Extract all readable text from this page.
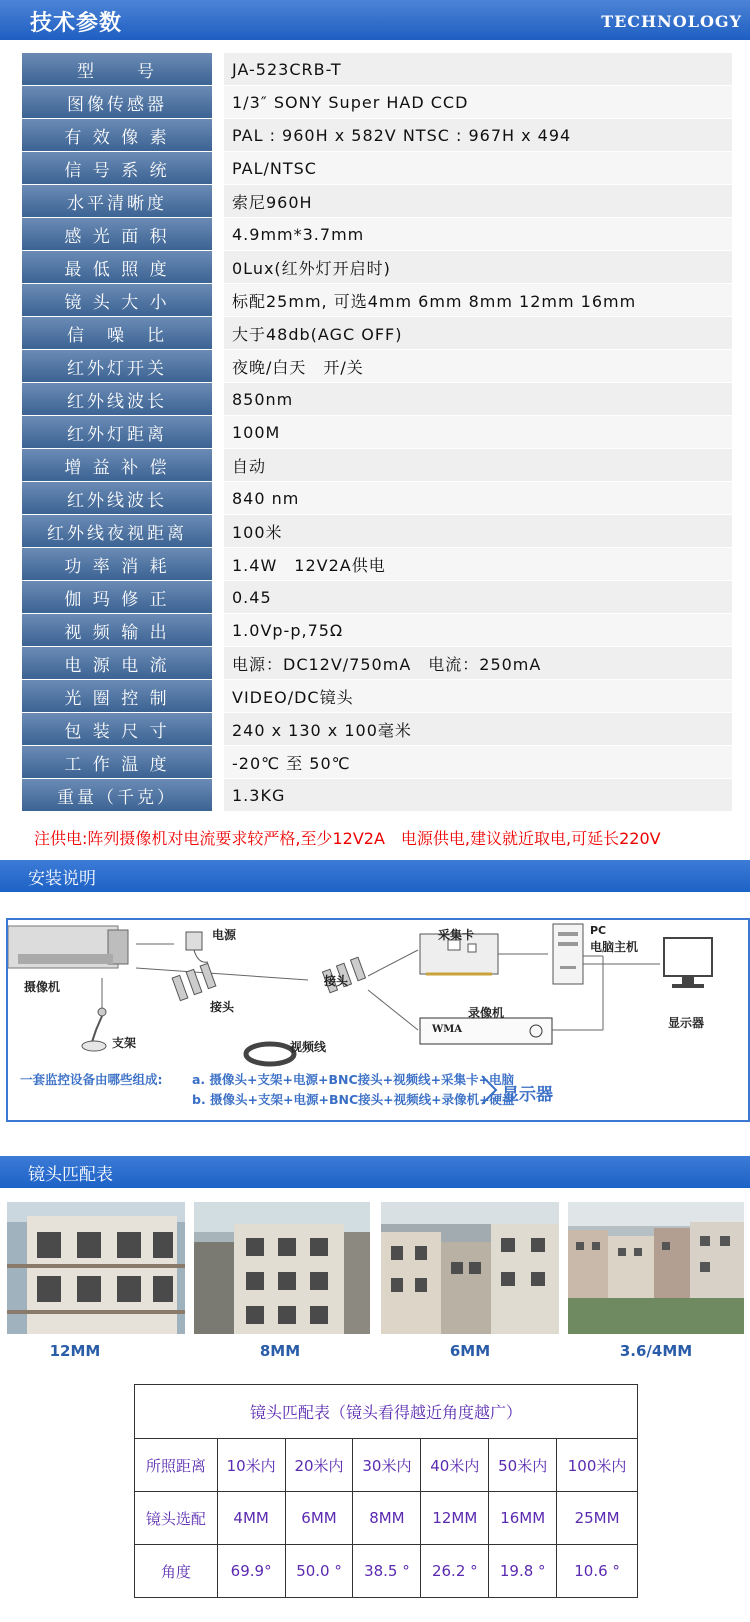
技术参数	TECHNOLOGY
型　　号	JA-523CRB-T
图像传感器	1/3″ SONY Super HAD CCD
有 效 像 素	PAL : 960H x 582V NTSC : 967H x 494
信 号 系 统	PAL/NTSC
水平清晰度	索尼960H
感 光 面 积	4.9mm*3.7mm
最 低 照 度	0Lux(红外灯开启时)
镜 头 大 小	标配25mm, 可选4mm 6mm 8mm 12mm 16mm
信　噪　比	大于48db(AGC OFF)
红外灯开关	夜晚/白天　开/关
红外线波长	850nm
红外灯距离	100M
增 益 补 偿	自动
红外线波长	840 nm
红外线夜视距离	100米
功 率 消 耗	1.4W　12V2A供电
伽 玛 修 正	0.45
视 频 输 出	1.0Vp-p,75Ω
电 源 电 流	电源：DC12V/750mA　电流：250mA
光 圈 控 制	VIDEO/DC镜头
包 装 尺 寸	240 x 130 x 100毫米
工 作 温 度	-20℃ 至 50℃
重量（千克）	1.3KG
注供电:阵列摄像机对电流要求较严格,至少12V2A　电源供电,建议就近取电,可延长220V
安装说明
电源
摄像机
接头
支架	视频线
接头
采集卡	PC
电脑主机
录像机
WMA	显示器
一套监控设备由哪些组成: a. 摄像头+支架+电源+BNC接头+视频线+采集卡+电脑
b. 摄像头+支架+电源+BNC接头+视频线+录像机+硬盘
显示器
镜头匹配表
12MM	8MM	6MM	3.6/4MM
镜头匹配表（镜头看得越近角度越广）						
所照距离	10米内	20米内	30米内	40米内	50米内	100米内
镜头选配	4MM	6MM	8MM	12MM	16MM	25MM
角度	69.9°	50.0 °	38.5 °	26.2 °	19.8 °	10.6 °
